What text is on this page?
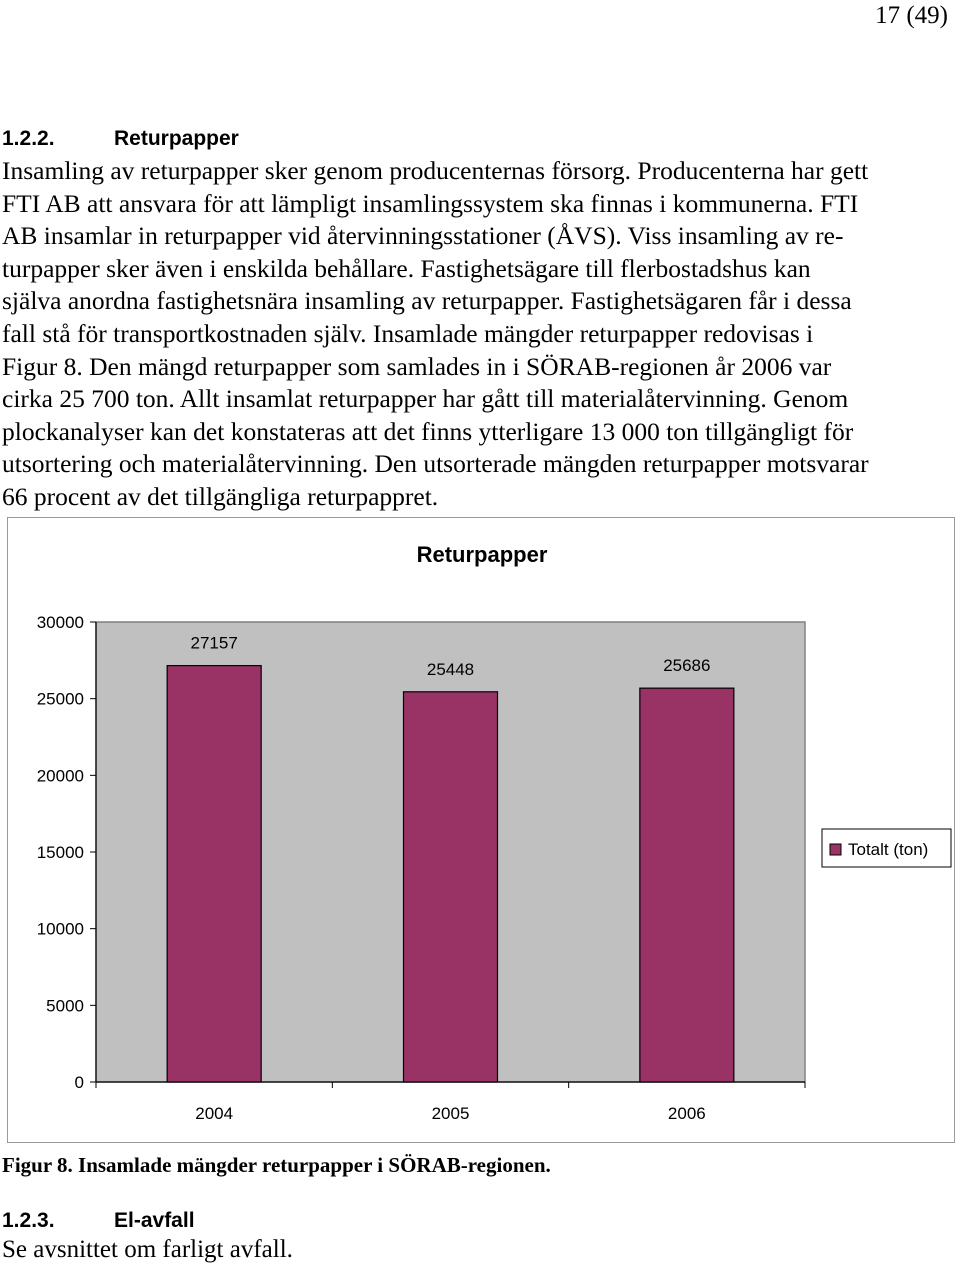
17 (49)
1.2.2.	Returpapper

Insamling av returpapper sker genom producenternas försorg. Producenterna har gett
FTI AB att ansvara för att lämpligt insamlingssystem ska finnas i kommunerna. FTI
AB insamlar in returpapper vid återvinningsstationer (ÅVS). Viss insamling av re-
turpapper sker även i enskilda behållare. Fastighetsägare till flerbostadshus kan
själva anordna fastighetsnära insamling av returpapper. Fastighetsägaren får i dessa
fall stå för transportkostnaden själv. Insamlade mängder returpapper redovisas i
Figur 8. Den mängd returpapper som samlades in i SÖRAB-regionen år 2006 var
cirka 25 700 ton. Allt insamlat returpapper har gått till materialåtervinning. Genom
plockanalyser kan det konstateras att det finns ytterligare 13 000 ton tillgängligt för
utsortering och materialåtervinning. Den utsorterade mängden returpapper motsvarar
66 procent av det tillgängliga returpappret.

Returpapper
0
5000
10000
15000
20000
25000
30000
27157
2004
25448
2005
25686
2006
Totalt (ton)
Figur 8. Insamlade mängder returpapper i SÖRAB-regionen.
1.2.3.	El-avfall
Se avsnittet om farligt avfall.
